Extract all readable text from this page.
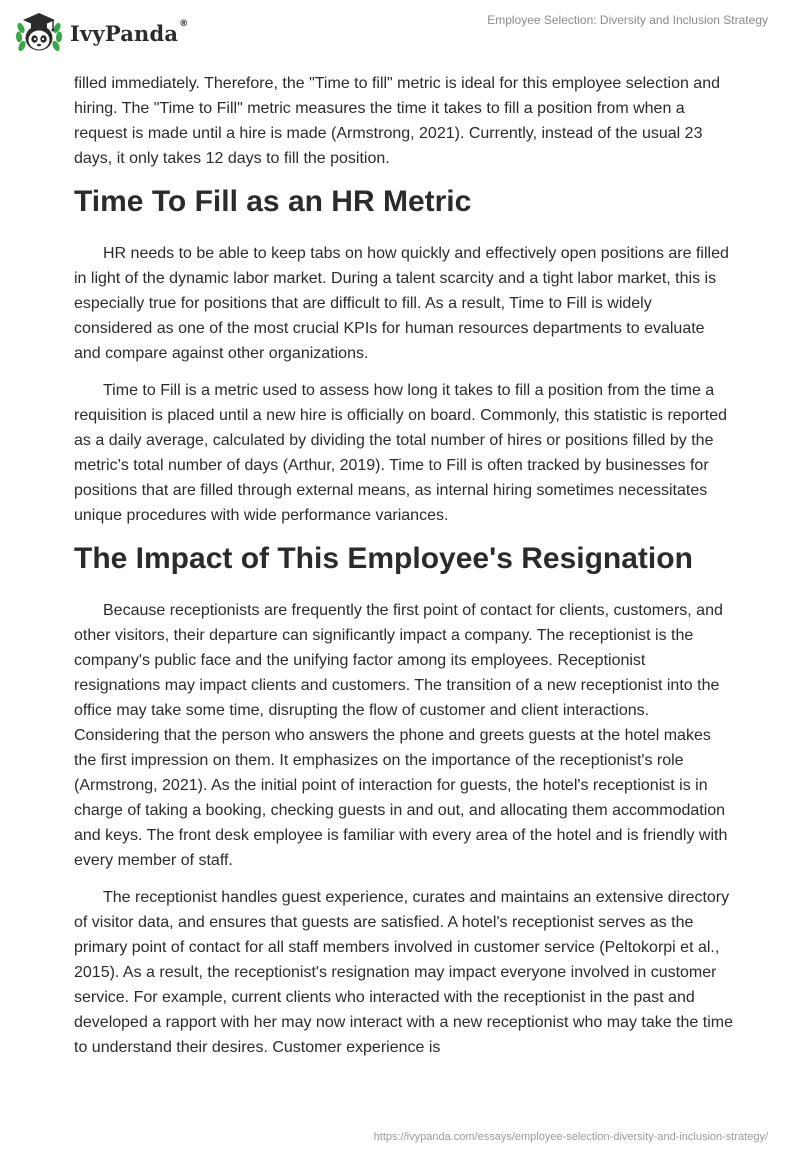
IvyPanda®	Employee Selection: Diversity and Inclusion Strategy

filled immediately. Therefore, the "Time to fill" metric is ideal for this employee selection and hiring. The "Time to Fill" metric measures the time it takes to fill a position from when a request is made until a hire is made (Armstrong, 2021). Currently, instead of the usual 23 days, it only takes 12 days to fill the position.

Time To Fill as an HR Metric

HR needs to be able to keep tabs on how quickly and effectively open positions are filled in light of the dynamic labor market. During a talent scarcity and a tight labor market, this is especially true for positions that are difficult to fill. As a result, Time to Fill is widely considered as one of the most crucial KPIs for human resources departments to evaluate and compare against other organizations.

Time to Fill is a metric used to assess how long it takes to fill a position from the time a requisition is placed until a new hire is officially on board. Commonly, this statistic is reported as a daily average, calculated by dividing the total number of hires or positions filled by the metric’s total number of days (Arthur, 2019). Time to Fill is often tracked by businesses for positions that are filled through external means, as internal hiring sometimes necessitates unique procedures with wide performance variances.

The Impact of This Employee's Resignation

Because receptionists are frequently the first point of contact for clients, customers, and other visitors, their departure can significantly impact a company. The receptionist is the company's public face and the unifying factor among its employees. Receptionist resignations may impact clients and customers. The transition of a new receptionist into the office may take some time, disrupting the flow of customer and client interactions. Considering that the person who answers the phone and greets guests at the hotel makes the first impression on them. It emphasizes on the importance of the receptionist's role (Armstrong, 2021). As the initial point of interaction for guests, the hotel's receptionist is in charge of taking a booking, checking guests in and out, and allocating them accommodation and keys. The front desk employee is familiar with every area of the hotel and is friendly with every member of staff.

The receptionist handles guest experience, curates and maintains an extensive directory of visitor data, and ensures that guests are satisfied. A hotel's receptionist serves as the primary point of contact for all staff members involved in customer service (Peltokorpi et al., 2015). As a result, the receptionist's resignation may impact everyone involved in customer service. For example, current clients who interacted with the receptionist in the past and developed a rapport with her may now interact with a new receptionist who may take the time to understand their desires. Customer experience is

https://ivypanda.com/essays/employee-selection-diversity-and-inclusion-strategy/
